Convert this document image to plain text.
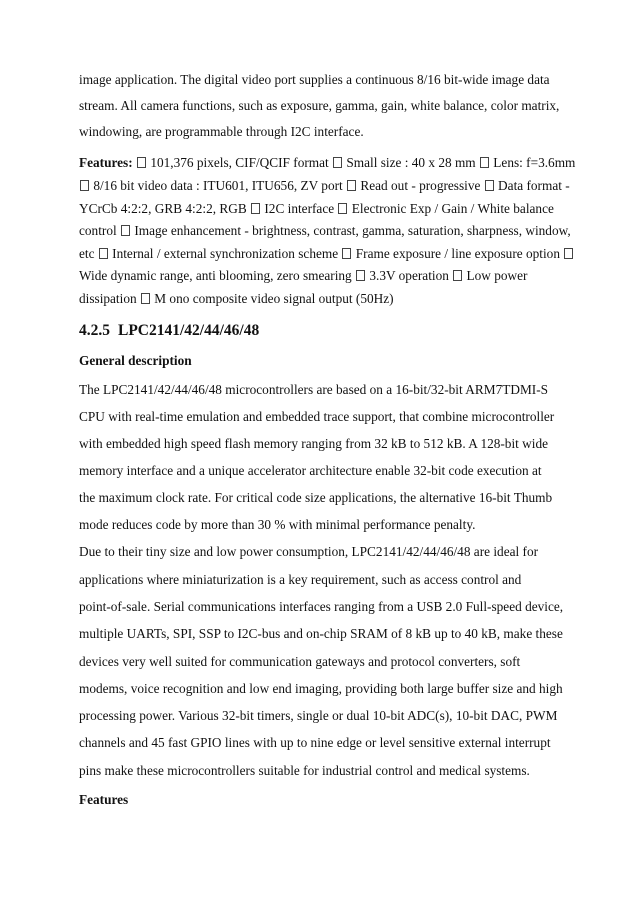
image application. The digital video port supplies a continuous 8/16 bit-wide image data
stream. All camera functions, such as exposure, gamma, gain, white balance, color matrix,
windowing, are programmable through I2C interface.
Features:  101,376 pixels, CIF/QCIF format  Small size : 40 x 28 mm  Lens: f=3.6mm
8/16 bit video data : ITU601, ITU656, ZV port  Read out - progressive  Data format -
YCrCb 4:2:2, GRB 4:2:2, RGB  I2C interface  Electronic Exp / Gain / White balance
control  Image enhancement - brightness, contrast, gamma, saturation, sharpness, window,
etc  Internal / external synchronization scheme  Frame exposure / line exposure option
Wide dynamic range, anti blooming, zero smearing  3.3V operation  Low power
dissipation  M ono composite video signal output (50Hz)
4.2.5 LPC2141/42/44/46/48
General description
The LPC2141/42/44/46/48 microcontrollers are based on a 16-bit/32-bit ARM7TDMI-S
CPU with real-time emulation and embedded trace support, that combine microcontroller
with embedded high speed flash memory ranging from 32 kB to 512 kB. A 128-bit wide
memory interface and a unique accelerator architecture enable 32-bit code execution at
the maximum clock rate. For critical code size applications, the alternative 16-bit Thumb
mode reduces code by more than 30 % with minimal performance penalty.
Due to their tiny size and low power consumption, LPC2141/42/44/46/48 are ideal for
applications where miniaturization is a key requirement, such as access control and
point-of-sale. Serial communications interfaces ranging from a USB 2.0 Full-speed device,
multiple UARTs, SPI, SSP to I2C-bus and on-chip SRAM of 8 kB up to 40 kB, make these
devices very well suited for communication gateways and protocol converters, soft
modems, voice recognition and low end imaging, providing both large buffer size and high
processing power. Various 32-bit timers, single or dual 10-bit ADC(s), 10-bit DAC, PWM
channels and 45 fast GPIO lines with up to nine edge or level sensitive external interrupt
pins make these microcontrollers suitable for industrial control and medical systems.
Features
